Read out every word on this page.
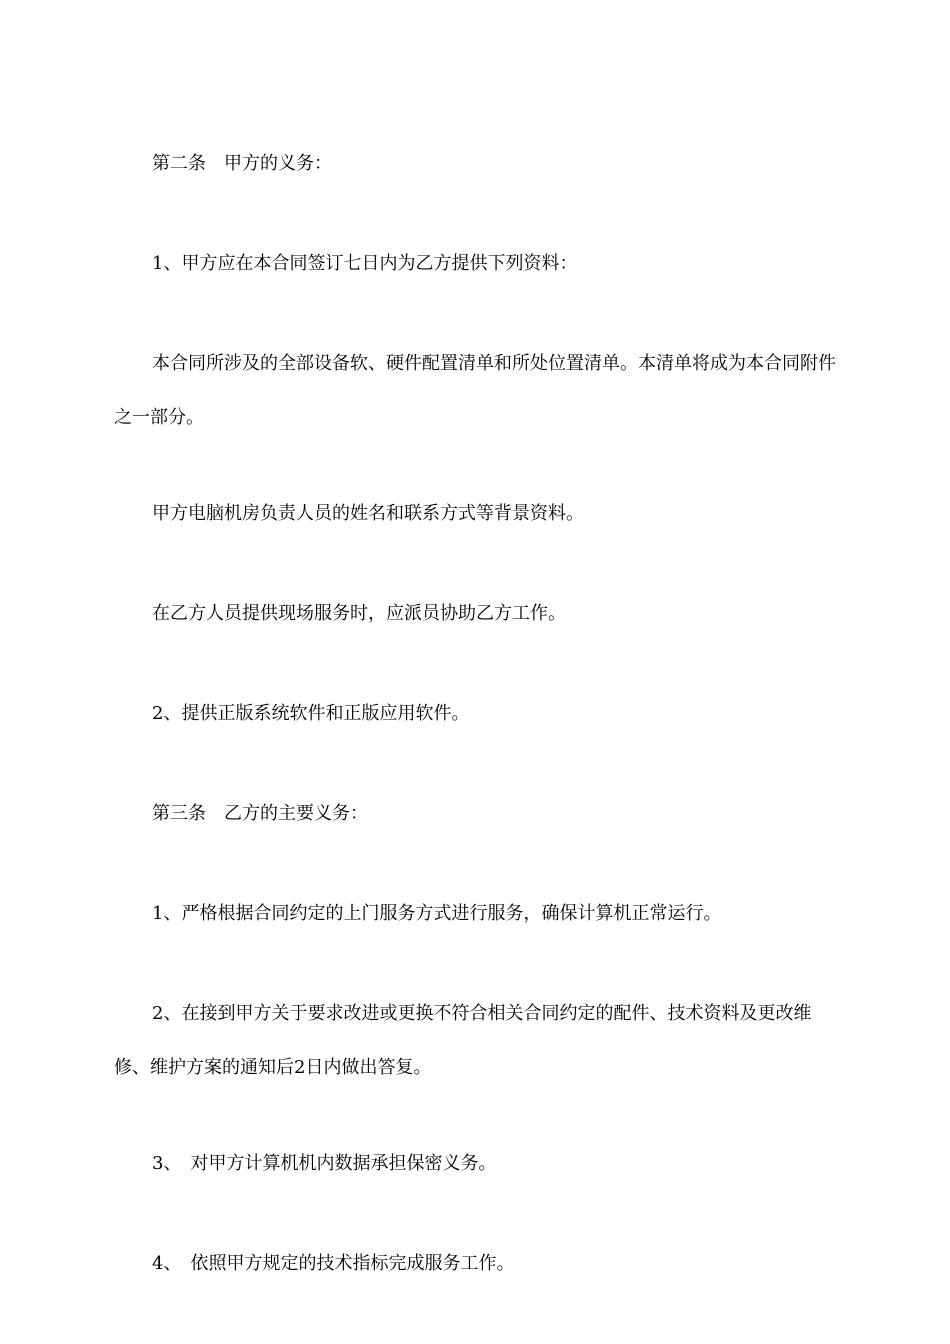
第二条　甲方的义务：

1、甲方应在本合同签订七日内为乙方提供下列资料：

本合同所涉及的全部设备软、硬件配置清单和所处位置清单。本清单将成为本合同附件之一部分。

甲方电脑机房负责人员的姓名和联系方式等背景资料。

在乙方人员提供现场服务时，应派员协助乙方工作。

2、提供正版系统软件和正版应用软件。

第三条　乙方的主要义务：

1、严格根据合同约定的上门服务方式进行服务，确保计算机正常运行。

2、在接到甲方关于要求改进或更换不符合相关合同约定的配件、技术资料及更改维修、维护方案的通知后2日内做出答复。

3、　对甲方计算机机内数据承担保密义务。

4、　依照甲方规定的技术指标完成服务工作。
